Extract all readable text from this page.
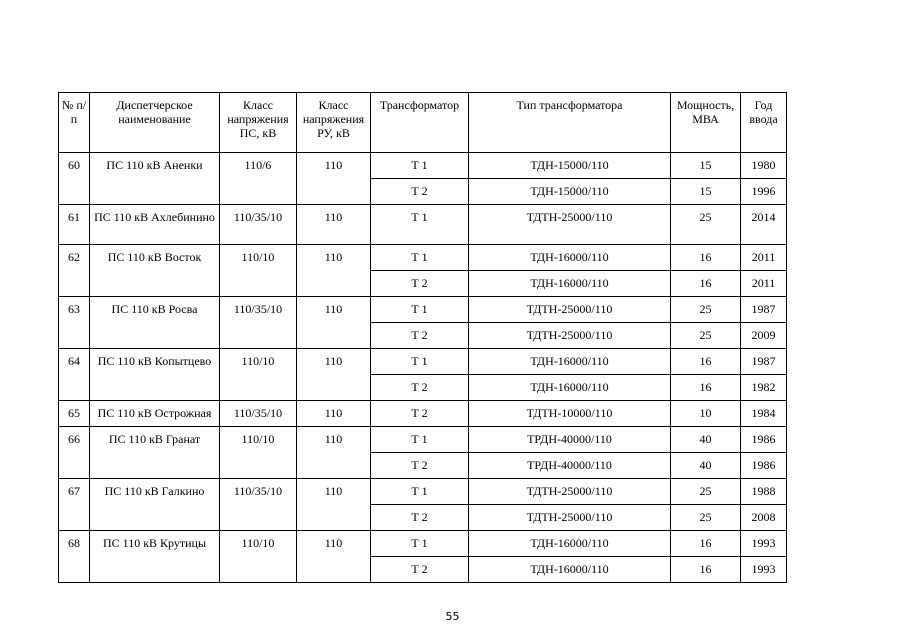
№ п/п	Диспетчерское наименование	Класс напряжения ПС, кВ	Класс напряжения РУ, кВ	Трансформатор	Тип трансформатора	Мощность, МВА	Год ввода
60	ПС 110 кВ Аненки	110/6	110	Т 1	ТДН-15000/110	15	1980
				Т 2	ТДН-15000/110	15	1996
61	ПС 110 кВ Ахлебинино	110/35/10	110	Т 1	ТДТН-25000/110	25	2014
62	ПС 110 кВ Восток	110/10	110	Т 1	ТДН-16000/110	16	2011
				Т 2	ТДН-16000/110	16	2011
63	ПС 110 кВ Росва	110/35/10	110	Т 1	ТДТН-25000/110	25	1987
				Т 2	ТДТН-25000/110	25	2009
64	ПС 110 кВ Копытцево	110/10	110	Т 1	ТДН-16000/110	16	1987
				Т 2	ТДН-16000/110	16	1982
65	ПС 110 кВ Острожная	110/35/10	110	Т 2	ТДТН-10000/110	10	1984
66	ПС 110 кВ Гранат	110/10	110	Т 1	ТРДН-40000/110	40	1986
				Т 2	ТРДН-40000/110	40	1986
67	ПС 110 кВ Галкино	110/35/10	110	Т 1	ТДТН-25000/110	25	1988
				Т 2	ТДТН-25000/110	25	2008
68	ПС 110 кВ Крутицы	110/10	110	Т 1	ТДН-16000/110	16	1993
				Т 2	ТДН-16000/110	16	1993
55
